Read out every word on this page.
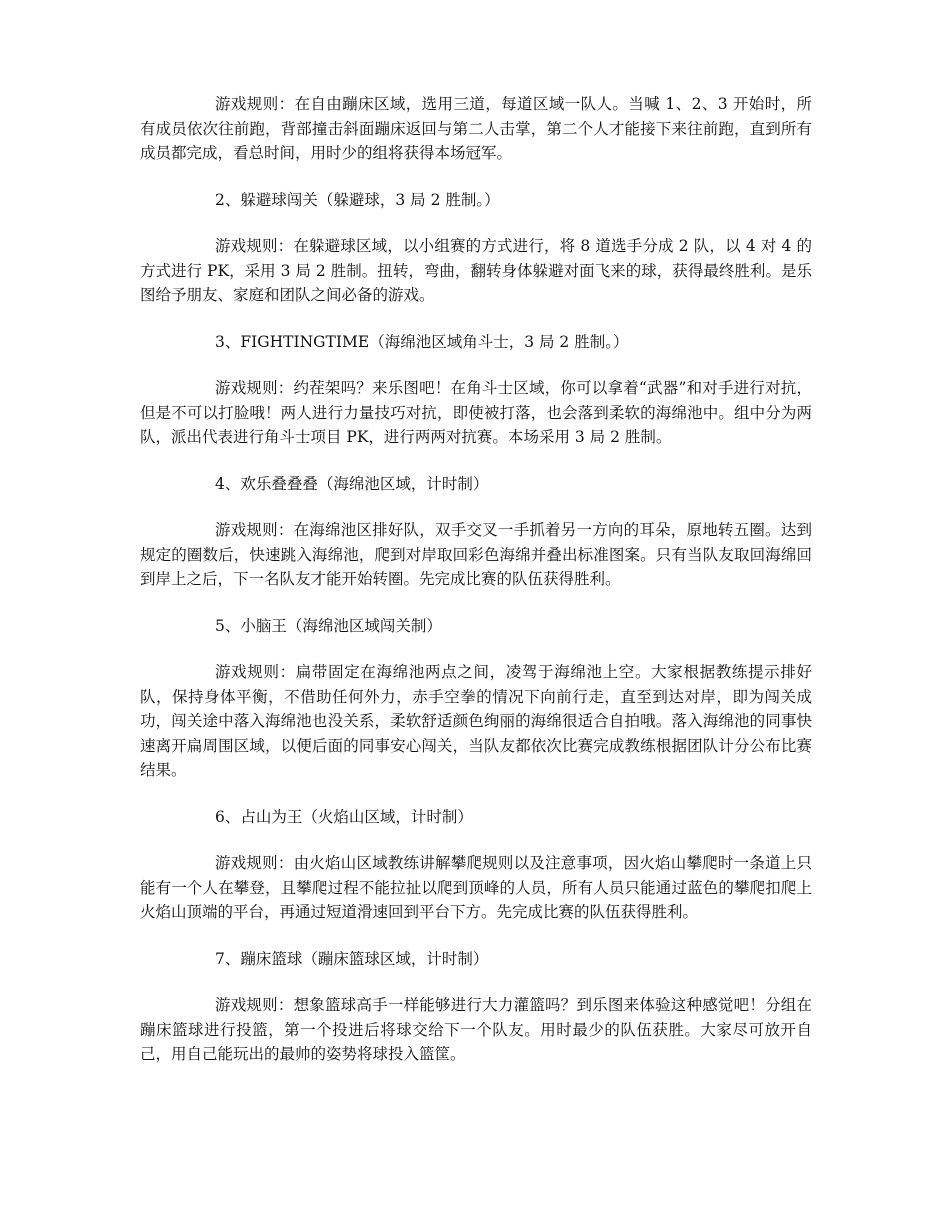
游戏规则：在自由蹦床区域，选用三道，每道区域一队人。当喊 1、2、3 开始时，所有成员依次往前跑，背部撞击斜面蹦床返回与第二人击掌，第二个人才能接下来往前跑，直到所有成员都完成，看总时间，用时少的组将获得本场冠军。

2、躲避球闯关（躲避球，3 局 2 胜制。）

游戏规则：在躲避球区域，以小组赛的方式进行，将 8 道选手分成 2 队，以 4 对 4 的方式进行 PK，采用 3 局 2 胜制。扭转，弯曲，翻转身体躲避对面飞来的球，获得最终胜利。是乐图给予朋友、家庭和团队之间必备的游戏。

3、FIGHTINGTIME（海绵池区域角斗士，3 局 2 胜制。）

游戏规则：约茬架吗？来乐图吧！在角斗士区域，你可以拿着“武器”和对手进行对抗，但是不可以打脸哦！两人进行力量技巧对抗，即使被打落，也会落到柔软的海绵池中。组中分为两队，派出代表进行角斗士项目 PK，进行两两对抗赛。本场采用 3 局 2 胜制。

4、欢乐叠叠叠（海绵池区域，计时制）

游戏规则：在海绵池区排好队，双手交叉一手抓着另一方向的耳朵，原地转五圈。达到规定的圈数后，快速跳入海绵池，爬到对岸取回彩色海绵并叠出标准图案。只有当队友取回海绵回到岸上之后，下一名队友才能开始转圈。先完成比赛的队伍获得胜利。

5、小脑王（海绵池区域闯关制）

游戏规则：扁带固定在海绵池两点之间，凌驾于海绵池上空。大家根据教练提示排好队，保持身体平衡，不借助任何外力，赤手空拳的情况下向前行走，直至到达对岸，即为闯关成功，闯关途中落入海绵池也没关系，柔软舒适颜色绚丽的海绵很适合自拍哦。落入海绵池的同事快速离开扁周围区域，以便后面的同事安心闯关，当队友都依次比赛完成教练根据团队计分公布比赛结果。

6、占山为王（火焰山区域，计时制）

游戏规则：由火焰山区域教练讲解攀爬规则以及注意事项，因火焰山攀爬时一条道上只能有一个人在攀登，且攀爬过程不能拉扯以爬到顶峰的人员，所有人员只能通过蓝色的攀爬扣爬上火焰山顶端的平台，再通过短道滑速回到平台下方。先完成比赛的队伍获得胜利。

7、蹦床篮球（蹦床篮球区域，计时制）

游戏规则：想象篮球高手一样能够进行大力灌篮吗？到乐图来体验这种感觉吧！分组在蹦床篮球进行投篮，第一个投进后将球交给下一个队友。用时最少的队伍获胜。大家尽可放开自己，用自己能玩出的最帅的姿势将球投入篮筐。
